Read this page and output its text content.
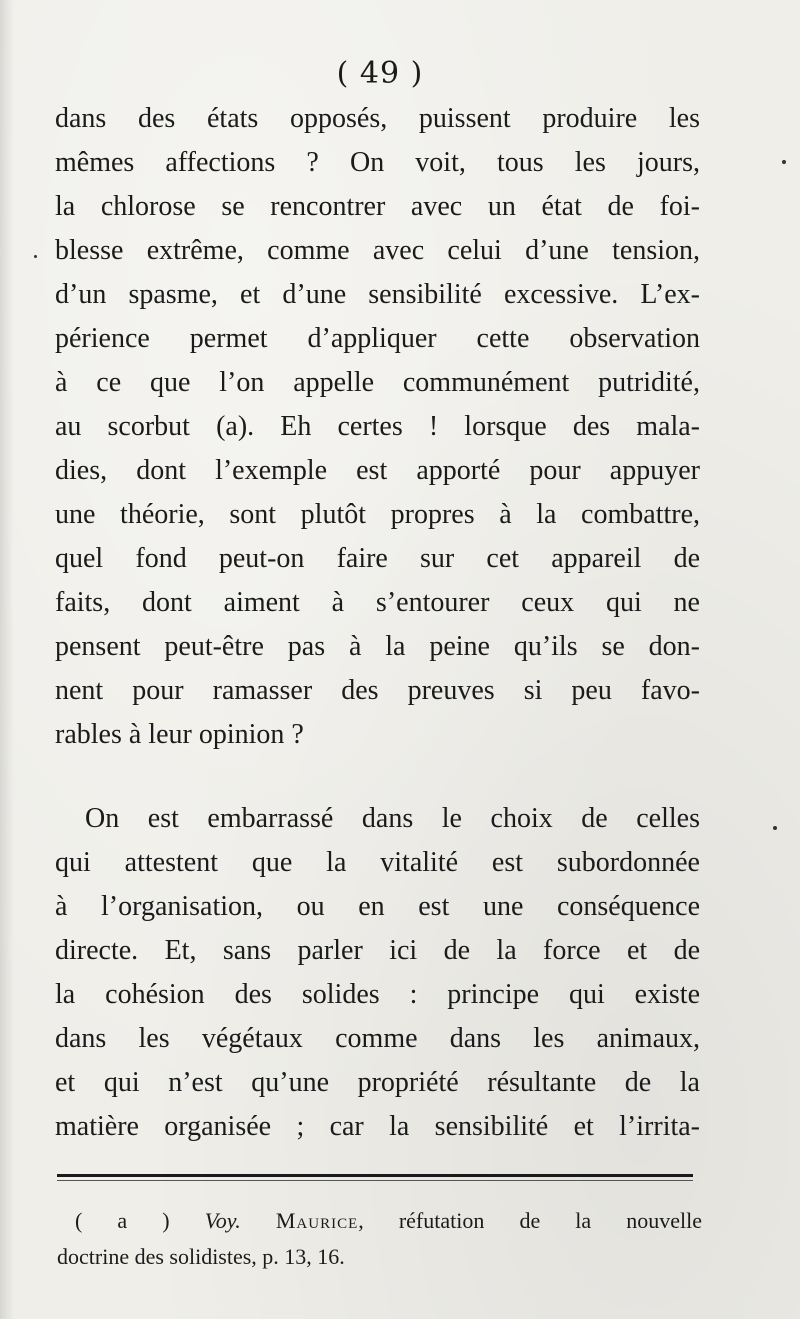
( 49 )
dans des états opposés, puissent produire les
mêmes affections ? On voit, tous les jours,
la chlorose se rencontrer avec un état de foi-
blesse extrême, comme avec celui d’une tension,
d’un spasme, et d’une sensibilité excessive. L’ex-
périence permet d’appliquer cette observation
à ce que l’on appelle communément putridité,
au scorbut (a). Eh certes ! lorsque des mala-
dies, dont l’exemple est apporté pour appuyer
une théorie, sont plutôt propres à la combattre,
quel fond peut-on faire sur cet appareil de
faits, dont aiment à s’entourer ceux qui ne
pensent peut-être pas à la peine qu’ils se don-
nent pour ramasser des preuves si peu favo-
rables à leur opinion ?
On est embarrassé dans le choix de celles
qui attestent que la vitalité est subordonnée
à l’organisation, ou en est une conséquence
directe. Et, sans parler ici de la force et de
la cohésion des solides : principe qui existe
dans les végétaux comme dans les animaux,
et qui n’est qu’une propriété résultante de la
matière organisée ; car la sensibilité et l’irrita-
( a ) Voy. Maurice, réfutation de la nouvelle
doctrine des solidistes, p. 13, 16.
